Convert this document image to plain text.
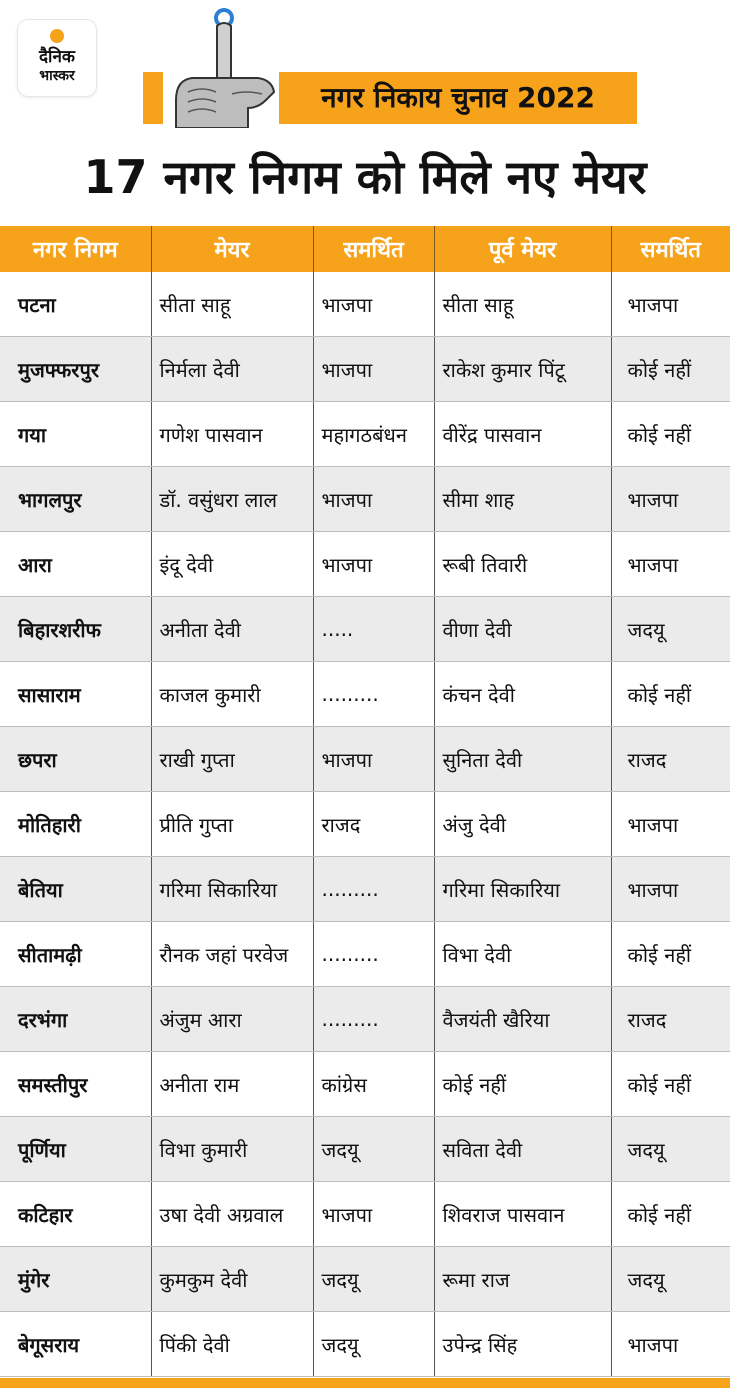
दैनिक
भास्कर
नगर निकाय चुनाव 2022
17 नगर निगम को मिले नए मेयर
नगर निगम	मेयर	समर्थित	पूर्व मेयर	समर्थित
पटना	सीता साहू	भाजपा	सीता साहू	भाजपा
मुजफ्फरपुर	निर्मला देवी	भाजपा	राकेश कुमार पिंटू	कोई नहीं
गया	गणेश पासवान	महागठबंधन	वीरेंद्र पासवान	कोई नहीं
भागलपुर	डॉ. वसुंधरा लाल	भाजपा	सीमा शाह	भाजपा
आरा	इंदू देवी	भाजपा	रूबी तिवारी	भाजपा
बिहारशरीफ	अनीता देवी	.....	वीणा देवी	जदयू
सासाराम	काजल कुमारी	.........	कंचन देवी	कोई नहीं
छपरा	राखी गुप्ता	भाजपा	सुनिता देवी	राजद
मोतिहारी	प्रीति गुप्ता	राजद	अंजु देवी	भाजपा
बेतिया	गरिमा सिकारिया	.........	गरिमा सिकारिया	भाजपा
सीतामढ़ी	रौनक जहां परवेज	.........	विभा देवी	कोई नहीं
दरभंगा	अंजुम आरा	.........	वैजयंती खैरिया	राजद
समस्तीपुर	अनीता राम	कांग्रेस	कोई नहीं	कोई नहीं
पूर्णिया	विभा कुमारी	जदयू	सविता देवी	जदयू
कटिहार	उषा देवी अग्रवाल	भाजपा	शिवराज पासवान	कोई नहीं
मुंगेर	कुमकुम देवी	जदयू	रूमा राज	जदयू
बेगूसराय	पिंकी देवी	जदयू	उपेन्द्र सिंह	भाजपा
